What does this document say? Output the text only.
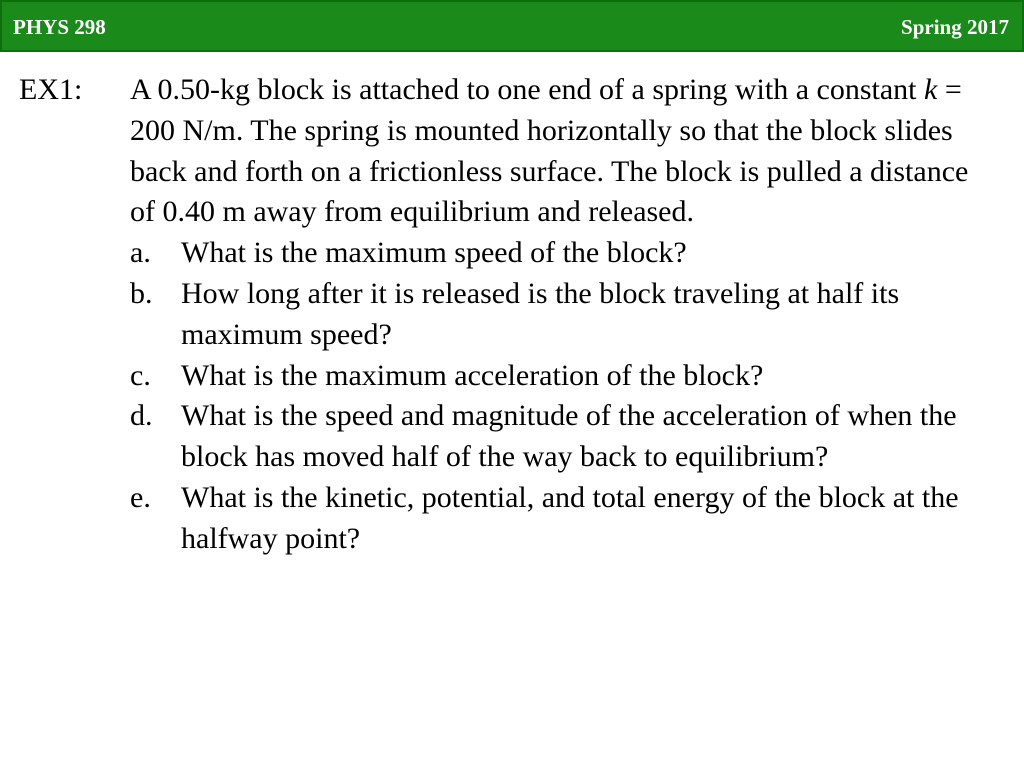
PHYS 298	Spring 2017
EX1: A 0.50-kg block is attached to one end of a spring with a constant k = 200 N/m. The spring is mounted horizontally so that the block slides back and forth on a frictionless surface. The block is pulled a distance of 0.40 m away from equilibrium and released.

a. What is the maximum speed of the block?
b. How long after it is released is the block traveling at half its maximum speed?
c. What is the maximum acceleration of the block?
d. What is the speed and magnitude of the acceleration of when the block has moved half of the way back to equilibrium?
e. What is the kinetic, potential, and total energy of the block at the halfway point?
